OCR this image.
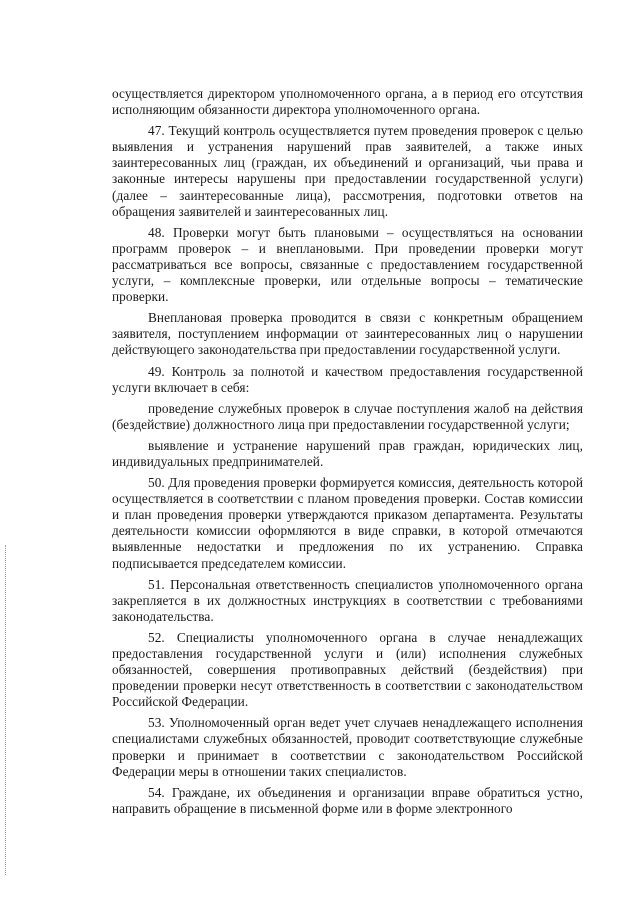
осуществляется директором уполномоченного органа, а в период его отсутствия исполняющим обязанности директора уполномоченного органа.

47. Текущий контроль осуществляется путем проведения проверок с целью выявления и устранения нарушений прав заявителей, а также иных заинтересованных лиц (граждан, их объединений и организаций, чьи права и законные интересы нарушены при предоставлении государственной услуги) (далее – заинтересованные лица), рассмотрения, подготовки ответов на обращения заявителей и заинтересованных лиц.

48. Проверки могут быть плановыми – осуществляться на основании программ проверок – и внеплановыми. При проведении проверки могут рассматриваться все вопросы, связанные с предоставлением государственной услуги, – комплексные проверки, или отдельные вопросы – тематические проверки.

Внеплановая проверка проводится в связи с конкретным обращением заявителя, поступлением информации от заинтересованных лиц о нарушении действующего законодательства при предоставлении государственной услуги.

49. Контроль за полнотой и качеством предоставления государственной услуги включает в себя:

проведение служебных проверок в случае поступления жалоб на действия (бездействие) должностного лица при предоставлении государственной услуги;

выявление и устранение нарушений прав граждан, юридических лиц, индивидуальных предпринимателей.

50. Для проведения проверки формируется комиссия, деятельность которой осуществляется в соответствии с планом проведения проверки. Состав комиссии и план проведения проверки утверждаются приказом департамента. Результаты деятельности комиссии оформляются в виде справки, в которой отмечаются выявленные недостатки и предложения по их устранению. Справка подписывается председателем комиссии.

51. Персональная ответственность специалистов уполномоченного органа закрепляется в их должностных инструкциях в соответствии с требованиями законодательства.

52. Специалисты уполномоченного органа в случае ненадлежащих предоставления государственной услуги и (или) исполнения служебных обязанностей, совершения противоправных действий (бездействия) при проведении проверки несут ответственность в соответствии с законодательством Российской Федерации.

53. Уполномоченный орган ведет учет случаев ненадлежащего исполнения специалистами служебных обязанностей, проводит соответствующие служебные проверки и принимает в соответствии с законодательством Российской Федерации меры в отношении таких специалистов.

54. Граждане, их объединения и организации вправе обратиться устно, направить обращение в письменной форме или в форме электронного
